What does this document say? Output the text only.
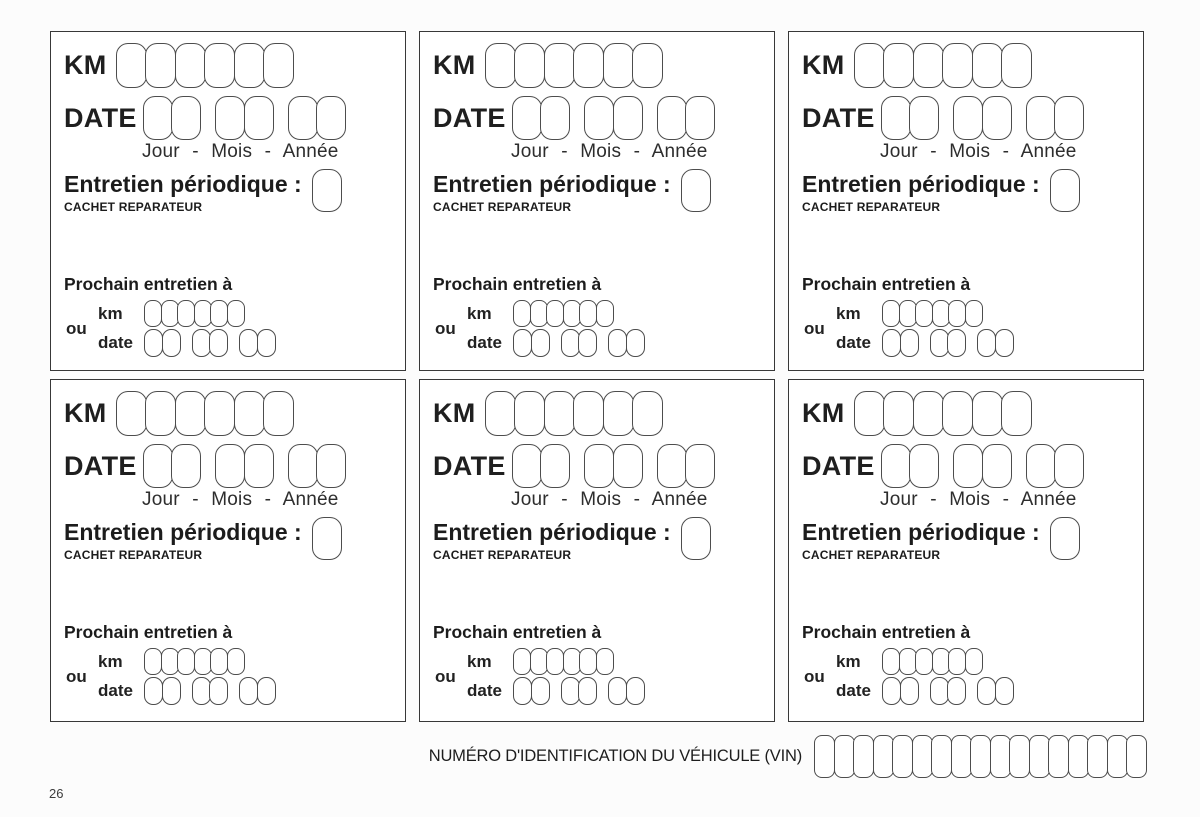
KM
DATE
Jour - Mois - Année
Entretien périodique :
CACHET REPARATEUR
Prochain entretien à
ou
km
date
KM
DATE
Jour - Mois - Année
Entretien périodique :
CACHET REPARATEUR
Prochain entretien à
ou
km
date
KM
DATE
Jour - Mois - Année
Entretien périodique :
CACHET REPARATEUR
Prochain entretien à
ou
km
date
KM
DATE
Jour - Mois - Année
Entretien périodique :
CACHET REPARATEUR
Prochain entretien à
ou
km
date
KM
DATE
Jour - Mois - Année
Entretien périodique :
CACHET REPARATEUR
Prochain entretien à
ou
km
date
KM
DATE
Jour - Mois - Année
Entretien périodique :
CACHET REPARATEUR
Prochain entretien à
ou
km
date
NUMÉRO D'IDENTIFICATION DU VÉHICULE (VIN)
26
